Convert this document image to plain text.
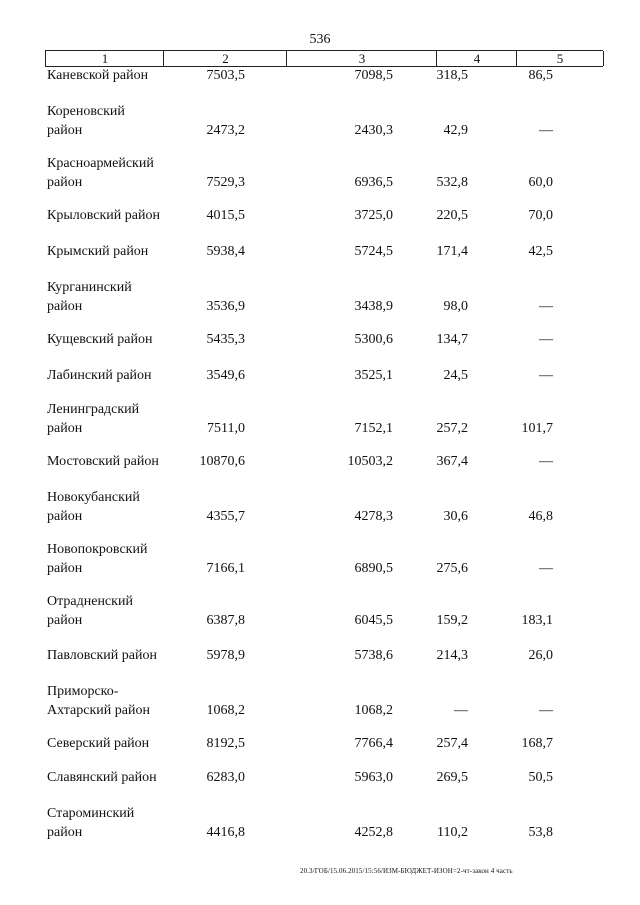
536
1	2	3	4	5
Каневской район	7503,5	7098,5	318,5	86,5
Кореновский
район	2473,2	2430,3	42,9	—
Красноармейский
район	7529,3	6936,5	532,8	60,0
Крыловский район	4015,5	3725,0	220,5	70,0
Крымский район	5938,4	5724,5	171,4	42,5
Курганинский
район	3536,9	3438,9	98,0	—
Кущевский район	5435,3	5300,6	134,7	—
Лабинский район	3549,6	3525,1	24,5	—
Ленинградский
район	7511,0	7152,1	257,2	101,7
Мостовский район	10870,6	10503,2	367,4	—
Новокубанский
район	4355,7	4278,3	30,6	46,8
Новопокровский
район	7166,1	6890,5	275,6	—
Отрадненский
район	6387,8	6045,5	159,2	183,1
Павловский район	5978,9	5738,6	214,3	26,0
Приморско-
Ахтарский район	1068,2	1068,2	—	—
Северский район	8192,5	7766,4	257,4	168,7
Славянский район	6283,0	5963,0	269,5	50,5
Староминский
район	4416,8	4252,8	110,2	53,8
20.3/ГОБ/15.06.2015/15:56/ИЗМ-БЮДЖЕТ-ИЗОН=2-чт-закон 4 часть
